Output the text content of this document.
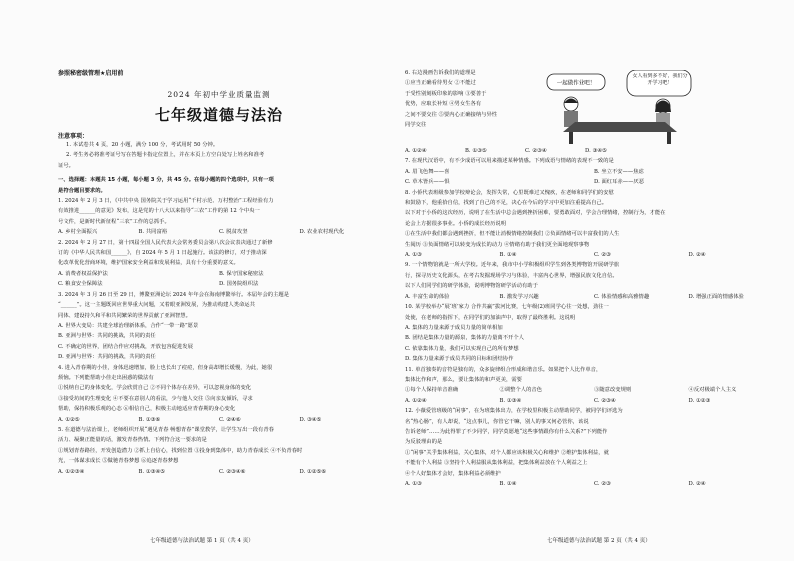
参照秘密级管理★启用前

2024 年初中学业质量监测

七年级道德与法治

注意事项：

1. 本试卷共 4 页，20 小题，满分 100 分，考试用时 50 分钟。

2. 考生务必将准考证号写在答题卡指定位置上，并在本页上方空白处写上姓名和准考

证号。

一、选择题：本题共 15 小题，每小题 3 分，共 45 分。在每小题的四个选项中，只有一项

是符合题目要求的。

1. 2024 年 2 月 3 日，《中共中央 国务院关于学习运用“千村示范、万村整治”工程经验有力

有效推进______的意见》发布，这是党的十八大以来指导“三农”工作的第 12 个中央一

号文件，是新时代新征程“三农”工作的总抓手。

A. 乡村全面振兴	B. 共同富裕	C. 脱贫攻坚	D. 农业农村现代化

2. 2024 年 2 月 27 日，第十四届全国人民代表大会常务委员会第八次会议表决通过了新修

订的《中华人民共和国______》，自 2024 年 5 月 1 日起施行。该法的修订，对于推动深

化改革优化营商环境，维护国家安全利益和发展利益，具有十分重要的意义。

A. 消费者权益保护法	B. 保守国家秘密法

C. 粮食安全保障法	D. 国务院组织法

3. 2024 年 3 月 26 日至 29 日，博鳌亚洲论坛 2024 年年会在海南博鳌举行。本届年会的主题是

“______”。这一主题既回应世界重大问题，又着眼亚洲发展，为推动构建人类命运共

同体、建设持久和平和共同繁荣的世界贡献了亚洲智慧。

A. 世界大变局：共建全球治理新体系，合作“一带一路”愿景

B. 亚洲与世界：共同的挑战，共同的责任

C. 不确定的世界，团结合作应对挑战，开放包容促进发展

D. 亚洲与世界：共同的挑战，共同的责任

4. 进入青春期的小佳，身体迅速增加，脸上也长出了痘痘，但身高却增长缓慢，为此，她很

烦恼。下列能帮助小佳走出困惑的做法有

①悦纳自己的身体变化，学会欣赏自己 ②不同个体存在差异，可以忽视身体的变化

③接受坊间的生理变化 ④不要在意别人的看法，少与他人交往 ⑤向亲友倾诉，寻求

帮助，保持积极乐观的心态 ⑥相信自己，积极主动地适应青春期的身心变化

A. ①②⑤	B. ①③⑥	C. ②④⑥	D. ③④⑤

5. 在道德与法治课上，老师组织开展“遇见青春 畅想青春”课堂教学，让学生写出一段有青春

活力、凝聚正能量的话，激发青春热情。下列符合这一要求的是

①规划青春路径，开发创造潜力 ②抓上自信心，找到位置 ③投身到集体中，助力青春成长 ④不负青春时

光，一体谋求成长 ⑤做驰青春梦想 ⑥追逐青春梦想

A. ①②③④	B. ①③④⑤	C. ②③④⑥	D. ①②⑤⑥

七年级道德与法治试题 第 1 页（共 4 页）

6. 右边漫画告诉我们的道理是

①应当正确看待男女 ②不能过

于受性别刻板印象的影响 ③要善于

优势，应取长补短 ④男女生各有

之间不要交往 ⑤要内心正确接纳与异性

同学交往

一起做作业吧！
女人看到多不好，我们分开学习吧！

A. ①②④	B. ①③⑤	C. ②③④	D. ③④⑤

7. 在现代汉语中，有不少成语可以用来描述某种情感。下列成语与情绪的表现不一致的是

A. 眉飞色舞——喜	B. 坐立不安——焦虑

C. 草木皆兵——惧	D. 面红耳赤——厌恶

8. 小侨代表班级参加学校辩论会，发挥失常，心里既难过又愧疚，在老师和同学们的安慰

和鼓励下，他重拾自信，找到了自己的不足，决心在今后的学习中更加注重提高自己。

以下对于小侨的这次经历，说明了在生活中总会遇到挫折困难，要勇敢面对，学会合理情绪，控制行为，才能在

论会上方据很多事业。小侨的成长经历说明

①在生活中我们都会遇到挫折，但不能让消极情绪控制我们 ②负面情绪可以丰富我们的人生

生阅历 ③负面情绪可以转变为成长的动力 ④情绪有助于我们更全面地观察事物

A. ①③	B. ①④	C. ②③	D. ②④

9. 一个情物馆就是一所大学校。近年来，我市中小学积极组织学生到各类博物馆开展研学旅

行，探寻历史文化源头，在考古发掘现场学习与体验，丰富内心世界，增强民族文化自信。

以下人们同学们的研学体验，说明博物馆研学活动有助于

A. 丰富生命的体验	B. 激发学习兴趣	C. 体验情感和高雅情趣	D. 增强正面的情感体验

10. 某学校举办“展‘班’家力 合作共赢”拔河比赛，七年级(2)班同学心往一处想，劲往一

处使，在老师的指挥下，在同学们的加油声中，取得了最终胜利。这说明

A. 集体的力量来源于成员力量的简单相加

B. 团结是集体力量的源泉，集体的力量离不开个人

C. 依靠集体力量，我们可以实现自己的所有梦想

D. 集体力量来源于成员共同的目标和团结协作

11. 单首独奏的音符是独有的，众多旋律组合形成和谐音乐。如果把个人比作单音，

集体比作和声，那么，要让集体的和声更美，需要

①每个人保持单音准确	②调整个人的音色	③随意改变规则	④反对极端个人主义

A. ①②④	B. ①③④	C. ②③④	D. ①②③

12. 小薇爱管班级的“闲事”，在为班集体出力，在学校里积极主动帮助同学，被同学们评选为

名“热心肠”，有人却说，“这点事儿，你管它干嘛，别人的事又何必管你，该说

告诉老师”……为此得罪了不少同学，同学莫愿地“这些事情跟你有什么关系?”下列能作

为反驳理由的是

①“闲事”关乎集体利益，关心集体，对个人都应该积极关心和维护 ②维护集体利益，就

不能有个人利益 ③坚持个人利益服从集体利益，把集体利益放在个人利益之上

④个人好集体才会好，集体利益必须维护

A. ①③	B. ①④	C. ②③	D. ②④

七年级道德与法治试题 第 2 页（共 4 页）
